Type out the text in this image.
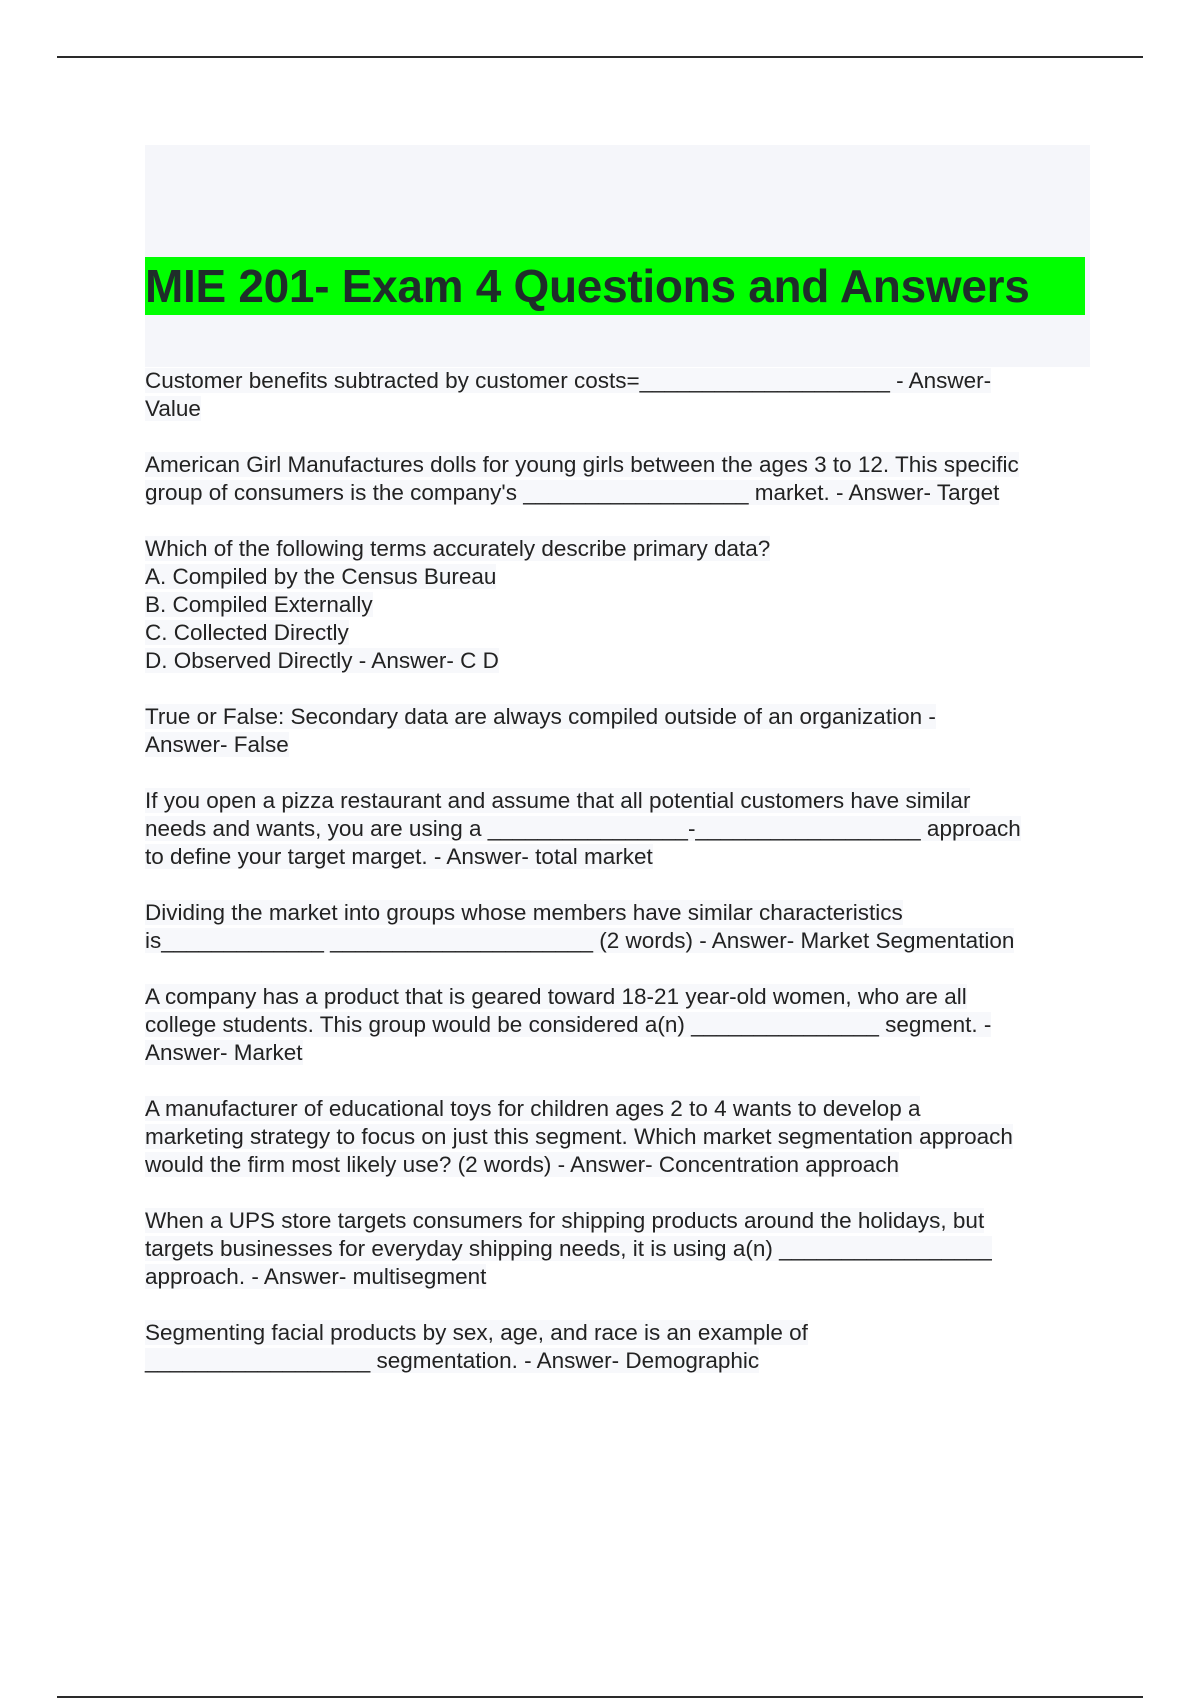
MIE 201- Exam 4 Questions and Answers
Customer benefits subtracted by customer costs=____________________ - Answer-
Value
American Girl Manufactures dolls for young girls between the ages 3 to 12. This specific
group of consumers is the company's __________________ market. - Answer- Target
Which of the following terms accurately describe primary data?
A. Compiled by the Census Bureau
B. Compiled Externally
C. Collected Directly
D. Observed Directly - Answer- C D
True or False: Secondary data are always compiled outside of an organization -
Answer- False
If you open a pizza restaurant and assume that all potential customers have similar
needs and wants, you are using a ________________-__________________ approach
to define your target marget. - Answer- total market
Dividing the market into groups whose members have similar characteristics
is_____________ _____________________ (2 words) - Answer- Market Segmentation
A company has a product that is geared toward 18-21 year-old women, who are all
college students. This group would be considered a(n) _______________ segment. -
Answer- Market
A manufacturer of educational toys for children ages 2 to 4 wants to develop a
marketing strategy to focus on just this segment. Which market segmentation approach
would the firm most likely use? (2 words) - Answer- Concentration approach
When a UPS store targets consumers for shipping products around the holidays, but
targets businesses for everyday shipping needs, it is using a(n) _________________
approach. - Answer- multisegment
Segmenting facial products by sex, age, and race is an example of
__________________ segmentation. - Answer- Demographic
